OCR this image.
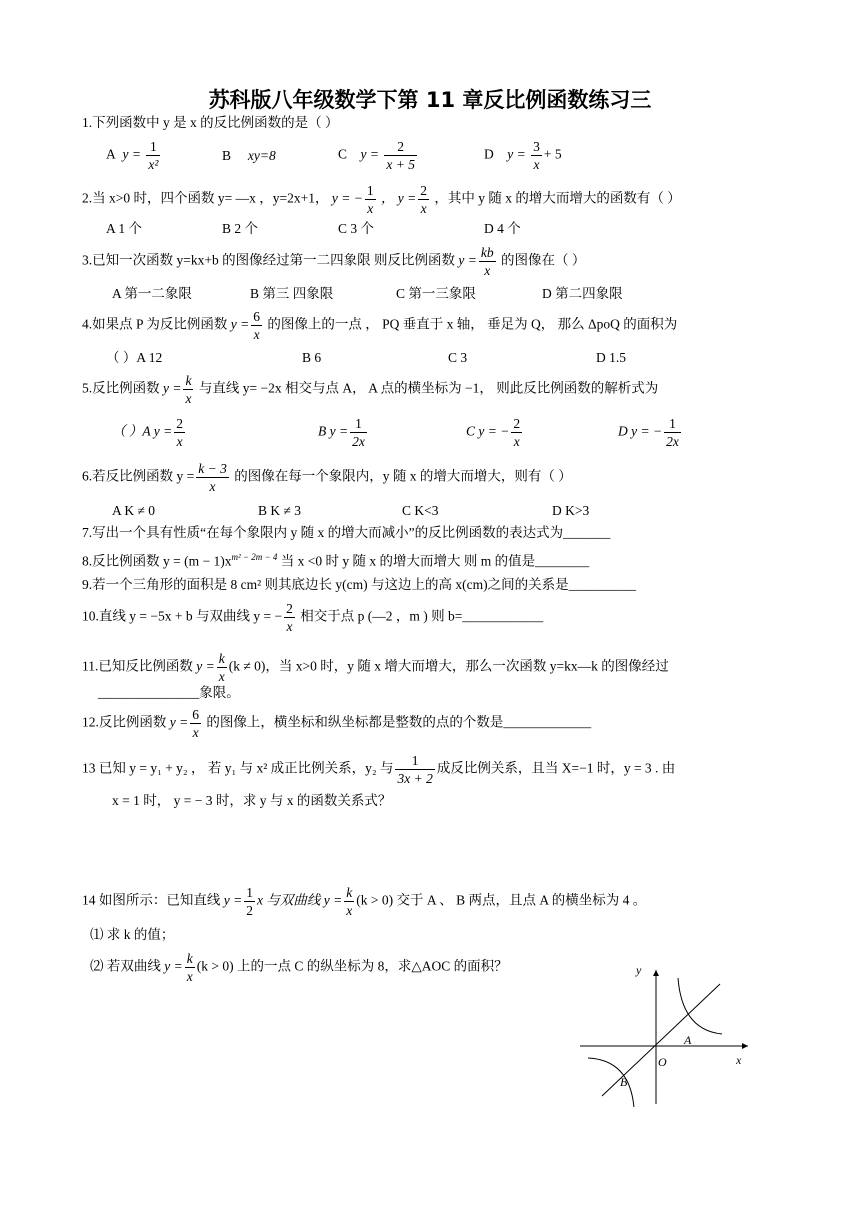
苏科版八年级数学下第 11 章反比例函数练习三
1.下列函数中 y 是 x 的反比例函数的是（ ）
A $y = \frac{1}{\text{x²}}$	B xy=8	C $y = \frac{2}{x + 5}$	D $y = \frac{3}{x} + 5$
2.当 x>0 时，四个函数 y= —x ，y=2x+1， y = − $\frac{1}{x}$ ， $y = \frac{2}{x}$ ，其中 y 随 x 的增大而增大的函数有（ ）
A 1 个	B 2 个	C 3 个	D 4 个
3.已知一次函数 y=kx+b 的图像经过第一二四象限 则反比例函数 $y = \frac{kb}{x}$ 的图像在（ ）
A 第一二象限	B 第三 四象限	C 第一三象限	D 第二四象限
4.如果点 P 为反比例函数 $y = \frac{6}{x}$ 的图像上的一点 ， PQ 垂直于 x 轴， 垂足为 Q， 那么 ΔpoQ 的面积为
（ ）A 12	B 6	C 3	D 1.5
5.反比例函数 $y = \frac{k}{x}$ 与直线 y= −2x 相交与点 A， A 点的横坐标为 −1， 则此反比例函数的解析式为
（ ）A $y = \frac{2}{x}$	B $y = \frac{1}{2x}$	C y = − $\frac{2}{x}$	D y = − $\frac{1}{2x}$
6.若反比例函数 $y = \frac{k - 3}{x}$ 的图像在每一个象限内，y 随 x 的增大而增大，则有（ ）
A K ≠ 0	B K ≠ 3	C K<3	D K>3
7.写出一个具有性质“在每个象限内 y 随 x 的增大而减小”的反比例函数的表达式为_______
8.反比例函数 $y = (m - 1)x^{m^2 - 2m - 4}$ 当 x <0 时 y 随 x 的增大而增大 则 m 的值是________
9.若一个三角形的面积是 8 cm² 则其底边长 y(cm) 与这边上的高 x(cm)之间的关系是__________
10.直线 y = −5x + b 与双曲线 y = − $\frac{2}{x}$ 相交于点 p (—2 ，m ) 则 b=____________
11.已知反比例函数 $y = \frac{k}{x} (k \ne 0)$，当 x>0 时，y 随 x 增大而增大，那么一次函数 y=kx—k 的图像经过
_______________象限。
12.反比例函数 $y = \frac{6}{x}$ 的图像上，横坐标和纵坐标都是整数的点的个数是_____________
13 已知 y = y₁ + y₂ ， 若 y₁ 与 x² 成正比例关系，y₂ 与 $\frac{1}{3x + 2}$ 成反比例关系，且当 X=−1 时，y = 3 . 由
x = 1 时， y = − 3 时，求 y 与 x 的函数关系式？
14 如图所示：已知直线 $y = \frac{1}{2}$ x 与双曲线 $y = \frac{k}{x} (k > 0)$ 交于 A 、 B 两点，且点 A 的横坐标为 4 。
⑴ 求 k 的值；
⑵ 若双曲线 $y = \frac{k}{x} (k > 0)$ 上的一点 C 的纵坐标为 8，求△AOC 的面积？	y
x
O
A
B
